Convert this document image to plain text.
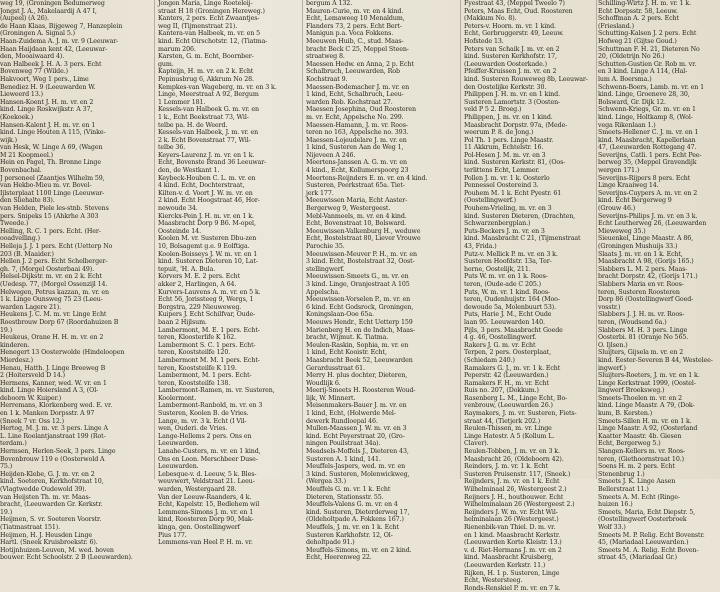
weg 19, (Groningen Bedumerweg
Jongst J. A., Makelaardij A 47 I,
(Aupeel) (A 26).
de Haan Klaas, Bijgeweg 7, Hanzeplein
(Groningen A. Signal 5.)
Haan-Zuidema A. J. m. vr. 9 (Leeuwar-
Haan Haijdaan kent 42, (Leeuwar-
den, Mooaiwaard 4).
van Halbeek J. H. A. 3 pers. Echt
Bovenweg 77 (Wilde.)
Hakvoort, Weg 1 pers., Lime
Benediez H. 9 (Leeuwarden W.
Lieweerd 13.)
Hansen-Koent J. H. m. vr. en 2
kind. Linge Roskwijkstr. A 37,
(Koekoek.)
Hansen-Kalent J. H. m. vr. en 1
kind. Linge Houten A 115, (Vinke-
wijk.)
van Hesk, W. Linge A 69, (Wagen
M 21 Koopmeel.)
Hein en Pagel, Th. Bronne Linge
Bovenbachal.
J personeel (Zaantjes Wilhelm 59,
van Hekbo-Mieu m. vr. Bovel-
Ijlsterplaat 1100 Linge (Leeuwar-
den Sliehalte 83).
van Helden, Piele les-stnb. Stevens
pers. Snipeks 15 (Ahkrhe A 303
Tweede.)
Helling, R. C. 1 pers. Echt. (Her-
ooadvelling.)
Helleja J. J. 1 pers. Echt (Uetterp No
203 (B. Maaider.)
Hellen J. 2 pers. Echt Schelberger-
gh. 7, (Morgel Oosterbaai 49).
Helsel-Dijkstr. m. vr. en 2 k. Echt
(Uedesp. 77, (Morgel Ossenzijl 14.
Helwegen, Petrus kazzan, m. vr. en
1 k. Linge Ounsweg 75 23 (Leeu-
warden Lagere 21).
Heukens J. C. M. m. vr. Linge Echt
Roestbrouw Dorp 67 (Roordahuizen B
19.)
Heukeus, Orane H. H. m. vr. en 2
kinderen.
Henegert 13 Oosterwolde (Hindeloopen
Mierdesz.)
Henau, Hatth. J. Linge Breeweg B
2 (Hoitersveld D 14.)
Hermens, Kanner, wed. W. vr. en 1
kind. Linge Hoiersland A 3, (Ol-
deboorn W. Kuiper.)
Herremans, Klorkenberg wed. E. vr.
en 1 k. Manken Dorpsstr. A 97
(Sneek 7 vr. Oss 12.)
Hertog, M. J. m. vr. 3 pers. Linge A
L. Line Roelantjanstraat 199 (Rot-
terdam.)
Hermsen, Herlen-Seek, 3 pers. Linge
Bovenbrouw 119 e (Oosterwold A
75.)
Heijden-Klebe, G. J. m. vr. en 2
kind. Soeteren, Kerkhofstraat 10,
(Vlagtwedde Oudewold 39).
van Heijsten Th. m. vr. Maas-
bracht, (Leeuwarden Gr. Kerkstr.
19.)
Heijmen, S. vr. Soeteren Voorstr.
(Tiatmastraat 151).
Heijmen, H. J. Heusden Linge
Hartl. (Sneek Kruisbroekstr. 6).
Hotijnhuizen-Leuven, M. wed. boven
bouwer. Echt Schoolstr. 2 B (Leeuwarden).
Jongen Maria, Linge Roeteleij-
straat H 18 (Groningen Hereweg.)
Kanters, 2 pers. Echt Zwaantjes-
weg II, (Tijmenstraat 21).
Kantera-van Halbeek, m. vr. en 5
kind. Echt Oirschotstr. 12, (Tiatma-
marum 206.
Karsten, G. m. Echt, Boornber-
gum.
Kapteijn, H. m. vr. en 2 k. Echt
Pepinusbrug 6, Akkrum No 28.
Kempkes-van Wageberg, m. vr. en 3 k.
Linge, Meerstraat A 92, Bergum
1 Lemmer 181.
Kessels-van Halbeek G. m. vr. en
1 k., Echt Beekstraat 73, Wil-
telbe pa. H. de Weerd.
Kessels-van Halbeek, J. m. vr. en
2 k. Echt Bovenstraat 77, Wil-
telbe 36.
Keyers-Laurenz J. m. vr. en 1 k.
Echt, Bovenste Brand 36 Leeuwar-
den, de Westkant 1.
Keybeck-Houben C. L. m. vr. en
4 kind. Echt, Dochterstraat,
Kilten-v. d. Voort J. W. m. vr. en
2 kind. Echt Hoogstraat 46, Hor-
newoude 34.
Kierckx-Pein J. H. m. vr. en 1 k.
Maasbracht Dorp 9 B6. M-opel,
Oosteinde 14.
Koolen M. vr. Susteren Dbu-zen
10, Bolsagemt g.e. 9 Eolftiga.
Koolen-Boisseys J. W. m. vr. en 1
kind. Susteren Dieteren 10, Lat-
tepuit, 'H. A. Bula.
Korvers M. E. 2 pers. Echt
akker 2, Harlingen, A 64.
Kurvers-Lauvens A. m. vr. en 5 k.
Echt 56, Jorissteeg 9, Wergs, 1
Borgstra, 229 Nieuweweg.
Kuipers J. Echt Schilfvar, Oude-
baan 2 Hijlsum.
Lambermont, M. E. 1 pers. Echt-
teren, Kloosterlife K 162.
Lambermont S. C. 1 pers. Echt-
teren, Kooststeilfe 120.
Lambermont M. M. 1 pers. Echt-
teren, Kooststeilfe K 119.
Lambermont, M. 1 pers. Echt-
teren, Kooststeilfe 138.
Lambermont-Ramen, m. vr. Susteren,
Koolermont.
Lambermont-Ranbold, m. vr. en 3
Susteren, Koolen B. de Vries.
Lange, m. vr. 3 k. Echt (I Vil-
wen, Ouderi. de Vries.
Lange-Hellems 2 pers. Ons en
Leeuwarden.
Lanahe-Custers, m. vr. en 1 kind,
Ons en Loon. Merschbeer Duse-
Leeuwarden.
Lebesque-v. d. Leeuw, 5 k. Bles-
weuvwert, Veldstraat 21. Leeu-
warden, Westergaard 28.
Van der Leeuw-Raanders, 4 k.
Echt, Kapelstr. 15, Bedlehem wil
Lemmens-Simons J. m. vr. en 1
kind, Roosteren Dorp 90, Mak-
kinga, gen. Oostellingwerf
Pius 177.
Lemmens-van Heel P. H. m. vr.
bergum A 132.
Mauren-Curie, m. vr. en 4 kind.
Echt, Lemaweeg 10 Menaldum,
Flanders 73, 2 pers. Echt Bert-
Manigun p.a. Voca Fokkens.
Meeuwen Huib, C., stud. Maas-
bracht Beck C 25, Meppel Steen-
straatweg 8.
Maessen Hedw. en Anna, 2 p. Echt
Schalbruch, Leeuwarden, Rob
Kochstraat 9.
Maessen-Bodemacher J. m. vr. en
1 kind, Echt, Schalbruch, Leeu-
warden Rob. Kochstraat 27.
Maessen Josephina, Oud Roosteren
m. vr. Echt, Appelsche No. 299.
Maessen-Hamann, J. m. vr. Roos-
teren no 163, Appelsche no. 393.
Maessen-Lojeudelare J. m. vr. en
1 kind, Susteren Aan de Weg 1,
Nijeveen A 246.
Meertens-Janssen A. G. m. vr. en
4 kind., Echt, Kollumerspoorg 23
Meertens-Reijnders E. m. vr. en 4 kind.
Susteren, Peerkstraat 65a. Tiet-
jerk 177.
Meeuwissen Maria, Echt Aaster-
Bergerweg 9, Westergeest.
Mebl-Vanmeels, m. vr. en 4 kind.
Echt, Bovenstraat 10, Bolsward.
Meeuwissen-Valkenburg H., weduwe
Echt, Bostelstraat 80, Liever Vrouwe
Parochie 35.
Meeuwissen-Meuver P. H., m. vr. en
3 kind. Echt, Bostelstraat 32, Oost-
stellingwerf.
Meeuwissen-Smeets G., m. vr. en
3 kind. Linge, Oranjestraat A 105
Appelscha.
Meeuwissen-Vorselen P., m. vr. en
6 kind. Echt Godsrock, Groningen,
Koningslaan-Ooe 65a.
Meeuws Hendr., Echt Uetterp 159
Marienberg H. en de Indich, Maas-
bracht, Wijmut. K. Tiatma.
Meulen-Raskin, Sophia, m. vr. en
1 kind, Echt Kooistr. Echt,
Maasbracht Beek 52, Leeuwarden
Gerardusstraat 61.
Merry H. plus dochter, Dieteren,
Woudlijk 6.
Meerij-Smeets H. Roosteren Woud-
lijk, W. Minnert.
Meisenmakers-Bauer J. m. vr. en
1 kind, Echt, (Holwerde Mel-
dewerk Rundloepal 46.
Mullen-Maassen J. W. m. vr. en 3
kind. Echt Peyerstraat 20, (Gro-
ningen Pouilstraat 34a).
Meadsels-Moffels J., Dieteren 43,
Susteren A. 1 kind, 141.
Meuffels-Jaspers, wed. m. vr. en
3 kind. Susteren, Molenwickweg,
(Wergea 33.)
Meuffels G. m. vr. 1 k. Echt
Dieteren, Stationsstr. 55.
Meuffels-Valens G. m. vr. en 4
kind. Susteren, Dieterderweg 17,
(Oldeholtpade A. Fokkens 167.)
Meuffels, J. m. vr. en 1 k. Echt
Susteren Karkhofstr. 12, Ol-
deholtpade 91.)
Meuffels-Simons, m. vr. en 2 kind.
Echt, Heerenweg 22.
Fyestraat 43, (Meppel Tweelo 7)
Peters, Maas Echt, Oud. Roosteren
(Makkum No. 8).
Peters-v. Hoorn. m. vr. 1 kind.
Echt, Gerbruggerstr. 49, Leeuw.
Hofstede 13.
Peters van Schaik J. m. vr. en 2
kind. Susteren Kerkhofstr. 17,
(Leeuwarden Oosterkade.)
Pfeiffer-Kruissen J. m. vr. en 2
kind. Susteren Rouweweg 8b, Leeuwar-
den Oostelijke Kerkstr. 30.
Philippen J. H. m. vr. en 1 kind.
Susteren Lamortstr. 3 (Oosten-
veld P 5 2. Broeg.)
Philippen, J. m. vr. en 1 kind.
Maasbracht Dorpstr. 97a, (Mede-
weerum P. 8. de Jong.)
Pol Th. 1 pers. Linge Maastr.
11 Akkrum, Echtelstr. 16.
Pol-Hesen J. M. m. vr. en 3
kind. Susteren Kerkstr. 81, (Oos-
terlittens Echt, Lemmer.
Pollen J. m. vr. 1 k. Oosterlo
Pennessel Oostereind 3.
Pouhem M. 1 k. Echt Pyestr. 61
(Oostellingwerf.)
Pouhem-Vrieling, m. vr. en 3
kind. Susteren Dieteren, (Drachten,
Schwarzenbergplan.)
Puts-Beckers J. m. vr. en 3
kind. Maasbracht C 21, (Tijmenstraat
43, Frida.)
Putz-v. Mellick P. m. vr. en 3 k.
Susteren Hoofdstr. 13a, Ter-
herne, Oostelijk, 211.
Puts W. m. vr. en 1 k. Roos-
teren, (Oude-ade C 205.)
Puts, W. m. vr. 1 kind. Roos-
teren, Oudenhuijstr. 164 (Moo-
dewoude 5a, Molenbuurt 53).
Puts, Harie J. M., Echt Oude
laan 95. Leeuwarden 140.
Pijls, 3 pers. Maasbracht Goede
4 g. 46, Oostellingwerf.
Rakers J. G. m. vr. Echt
Terpen, 2 pers. Oosterplaat,
(Schiedam 240.)
Ramakers G. J., m. vr. 1 k. Echt
Peperstr. 42 (Leeuwarden.)
Ramakers F. H., m. vr. Echt
Ruis no. 207, (Dokkum.)
Rasenberg L. M., Linge Echt, Bo-
venbrouw, (Leeuwarden 26.)
Raymakers, J. m. vr. Susteren, Fiets-
straat 44, (Tietjerk 202.)
Reulen-Thissen, m. vr. Linge
Linge Hatestr. A 5 (Kollum L.
Claver).
Reulen-Tobben, J. m. vr. en 3 k.
Maasbracht 26, (Oldeboorn 42).
Reinders, J. m. vr. 1 k. Echt
Susteren Pruisenstr. 117, (Sneek.)
Reijnders, J. m. vr. en 1 k. Echt
Wilhelminaal 26, Westergeest 2.)
Reijners J. H., houtbouwer. Echt
Wilhelminalaan 26 (Westergeest 2.)
Reijnders J. W. m. vr. Echt Wil-
helminalaan 26 (Westergeest.)
Rienenbik-van Thiel. D. m. vr.
en 1 kind. Maasbracht Kerkstr.
(Leeuwarden Korte Kleistr. 13.)
v. d. Riet-Hermans J. m. vr. en 2
kind. Maasbracht Kruisberg,
(Leeuwarden Kerkstr. 11.)
Rijken, H. 1 p. Susteren, Linge
Echt, Westersteeg.
Ronds-Renskiel P. m. vr. en 7 k.
Schilling-Wirtz J. H. m. vr. 1 k.
Echt Dorpsstr. 58, Leeuw.
Schoffman A. 2 pers. Echt
(Friesland.)
Schutting-Kalsen J. 2 pers. Echt
Hofweg 21 (Gijtse Goud.)
Schuttman F. H. 21, Dieteren No
20, (Oldetrijn No 26.)
Schutten-Gustien Gr. Rob m. vr.
en 3 kind. Linge A 114, (Hal-
lum A. Boersma.)
Schwenn-Boers, Lamb. m. vr. en 1
kind. Linge, Groeneve 28, 30,
Bolsward, Gr. Dijk 12.
Schwenn-Kriegs, Gr. m. vr. en 1
kind. Linge, Holtkamp 8, (Wol-
vega Rikenlaan 1.)
Smeets-Hellener C. J. m. vr. en 1
kind. Maasbracht, Kapellerlaan
47, (Leeuwarden Rottegang 47.
Severijns, Catli. 1 pers. Echt Pee-
berweg 35, (Meppel Gravendijk
wergen 171.)
Severijns-Rijpers 8 pers. Echt
Linge Kraaiweg 14.
Severijns-Cuypers A. m. vr. en 2
kind. Echt Bergerweg 9
(Grouw 46.)
Severijns-Philips J. m. vr. en 3 k.
Echt Leutherweg 26, (Leeuwarden
Mieweweg 35.)
Sieuenkel, Linge Maastr. A 86,
(Groningen Mushuijs 33.)
Slaats J. m. vr. en 1 k. Echt,
Maasbracht A 98, (Gorijs 165.)
Slabbers L. M. 2 pers. Maas-
bracht Dorpstr. 42, (Gorijs 171.)
Slabbers Maria en vr. Roos-
teren, Susteren Roosteren
Dorp 86 (Oostellingwerf Goed-
vosstr.)
Slabbers J. J. H. m. vr. Roos-
teren, (Woudsend 6a.)
Slabbers M. H. 3 pers. Linge
Oosterbi. 81 (Oranje No 565.
O. Ijlsen.)
Sluijters, Gijsela m. vr. en 2
kind. Eester-Severen B 44, Westelee-
ingwerf.)
Sluijters-Roeters, J. m. vr. en 1 k.
Linge Kerkstraat 1999, (Oostel-
lingwerf Broeksweg.)
Smeets-Thoelen m. vr. en 2
kind. Linge Maastr. A 79, (Dok-
kum, B. Kersten.)
Smeets-Sillen H. m. vr. en 1 k.
Linge Maastr. A 92, (Oosterland
Kaatter Maastr. 4b. Giesen
Echt, Bergerweg 5.)
Slangen-Kellers m. vr. Roos-
teren, (Giethoornstraat 10.)
Soens H. m. 2 pers. Echt
Stenenbrug 1.)
Smeets J. K. Linge Aasen
Bellerstraat 11.)
Smeets A. M. Echt (Ringe-
huizen 16.)
Smeets, Maria, Echt Diepstr. 5,
(Oostellingwerf Oosterbroek
Wolf 33.)
Smeets M. P. Relig. Echt Bovenstr.
45, (Mariadaal Leeuwarden.)
Smeets M. A. Relig. Echt Boven-
straat 45, (Mariadaal Gr.)
